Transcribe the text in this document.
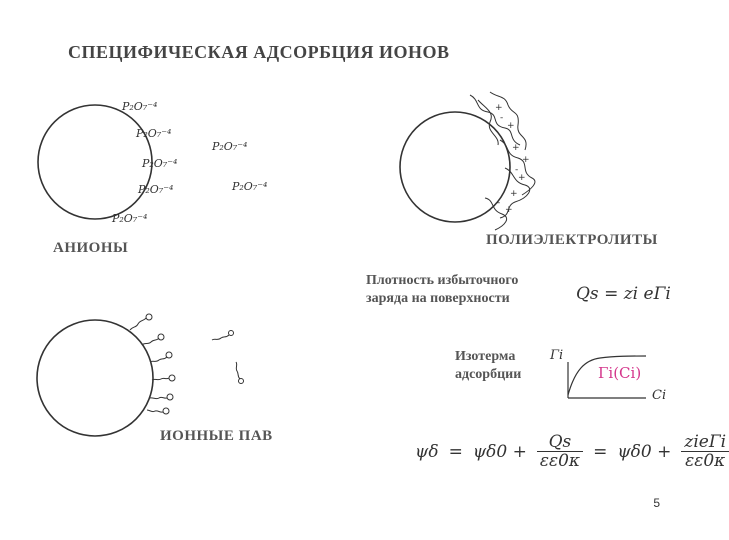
СПЕЦИФИЧЕСКАЯ АДСОРБЦИЯ ИОНОВ
+
+
+
+
+
+
+
-
-
-
P₂O₇⁻⁴
P₂O₇⁻⁴
P₂O₇⁻⁴
P₂O₇⁻⁴
P₂O₇⁻⁴
P₂O₇⁻⁴
P₂O₇⁻⁴
АНИОНЫ	ПОЛИЭЛЕКТРОЛИТЫ
ИОННЫЕ ПАВ
Плотность избыточного
заряда на поверхности	Qs = zi eΓi
Изотерма
адсорбции
Γi
Ci
Γi(Ci)
$\psi\delta = \psi\delta 0 + \frac{Qs}{\varepsilon\varepsilon 0\kappa} = \psi\delta 0 + \frac{\text{zieΓi}}{\varepsilon\varepsilon 0\kappa}$
5
